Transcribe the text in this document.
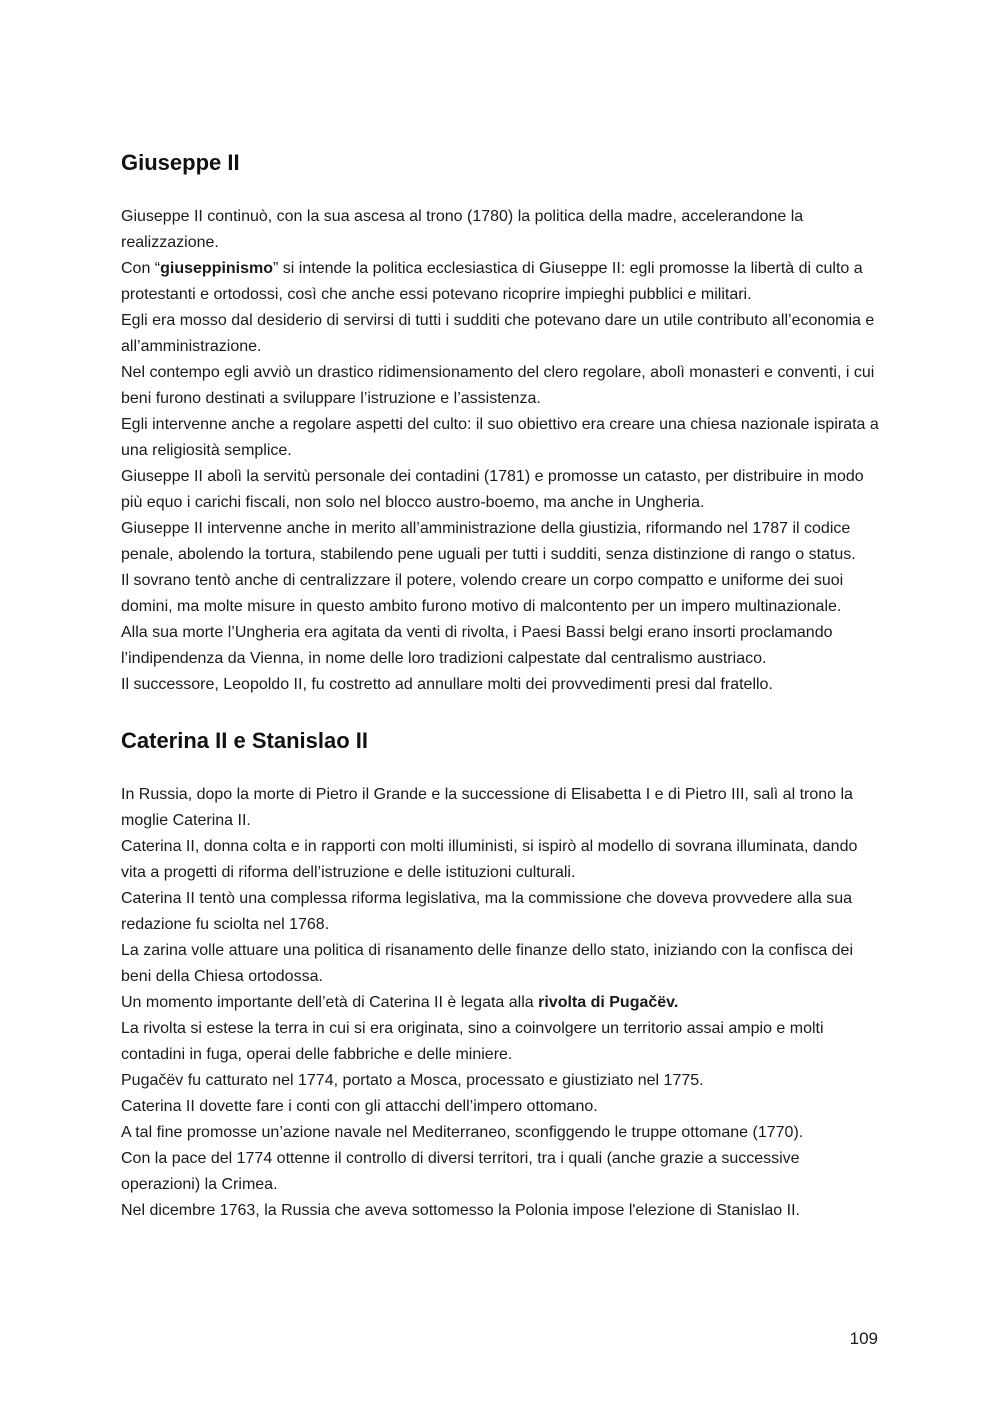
Giuseppe II

Giuseppe II continuò, con la sua ascesa al trono (1780) la politica della madre, accelerandone la realizzazione.

Con “giuseppinismo” si intende la politica ecclesiastica di Giuseppe II: egli promosse la libertà di culto a protestanti e ortodossi, così che anche essi potevano ricoprire impieghi pubblici e militari.

Egli era mosso dal desiderio di servirsi di tutti i sudditi che potevano dare un utile contributo all’economia e all’amministrazione.

Nel contempo egli avviò un drastico ridimensionamento del clero regolare, abolì monasteri e conventi, i cui beni furono destinati a sviluppare l’istruzione e l’assistenza.

Egli intervenne anche a regolare aspetti del culto: il suo obiettivo era creare una chiesa nazionale ispirata a una religiosità semplice.

Giuseppe II abolì la servitù personale dei contadini (1781) e promosse un catasto, per distribuire in modo più equo i carichi fiscali, non solo nel blocco austro-boemo, ma anche in Ungheria.

Giuseppe II intervenne anche in merito all’amministrazione della giustizia, riformando nel 1787 il codice penale, abolendo la tortura, stabilendo pene uguali per tutti i sudditi, senza distinzione di rango o status.

Il sovrano tentò anche di centralizzare il potere, volendo creare un corpo compatto e uniforme dei suoi domini, ma molte misure in questo ambito furono motivo di malcontento per un impero multinazionale.

Alla sua morte l’Ungheria era agitata da venti di rivolta, i Paesi Bassi belgi erano insorti proclamando l’indipendenza da Vienna, in nome delle loro tradizioni calpestate dal centralismo austriaco.

Il successore, Leopoldo II, fu costretto ad annullare molti dei provvedimenti presi dal fratello.

Caterina II e Stanislao II

In Russia, dopo la morte di Pietro il Grande e la successione di Elisabetta I e di Pietro III, salì al trono la moglie Caterina II.

Caterina II, donna colta e in rapporti con molti illuministi, si ispirò al modello di sovrana illuminata, dando vita a progetti di riforma dell’istruzione e delle istituzioni culturali.

Caterina II tentò una complessa riforma legislativa, ma la commissione che doveva provvedere alla sua redazione fu sciolta nel 1768.

La zarina volle attuare una politica di risanamento delle finanze dello stato, iniziando con la confisca dei beni della Chiesa ortodossa.

Un momento importante dell’età di Caterina II è legata alla rivolta di Pugačëv.

La rivolta si estese la terra in cui si era originata, sino a coinvolgere un territorio assai ampio e molti contadini in fuga, operai delle fabbriche e delle miniere.

Pugačëv fu catturato nel 1774, portato a Mosca, processato e giustiziato nel 1775.

Caterina II dovette fare i conti con gli attacchi dell’impero ottomano.

A tal fine promosse un’azione navale nel Mediterraneo, sconfiggendo le truppe ottomane (1770).

Con la pace del 1774 ottenne il controllo di diversi territori, tra i quali (anche grazie a successive operazioni) la Crimea.

Nel dicembre 1763, la Russia che aveva sottomesso la Polonia impose l'elezione di Stanislao II.

109
